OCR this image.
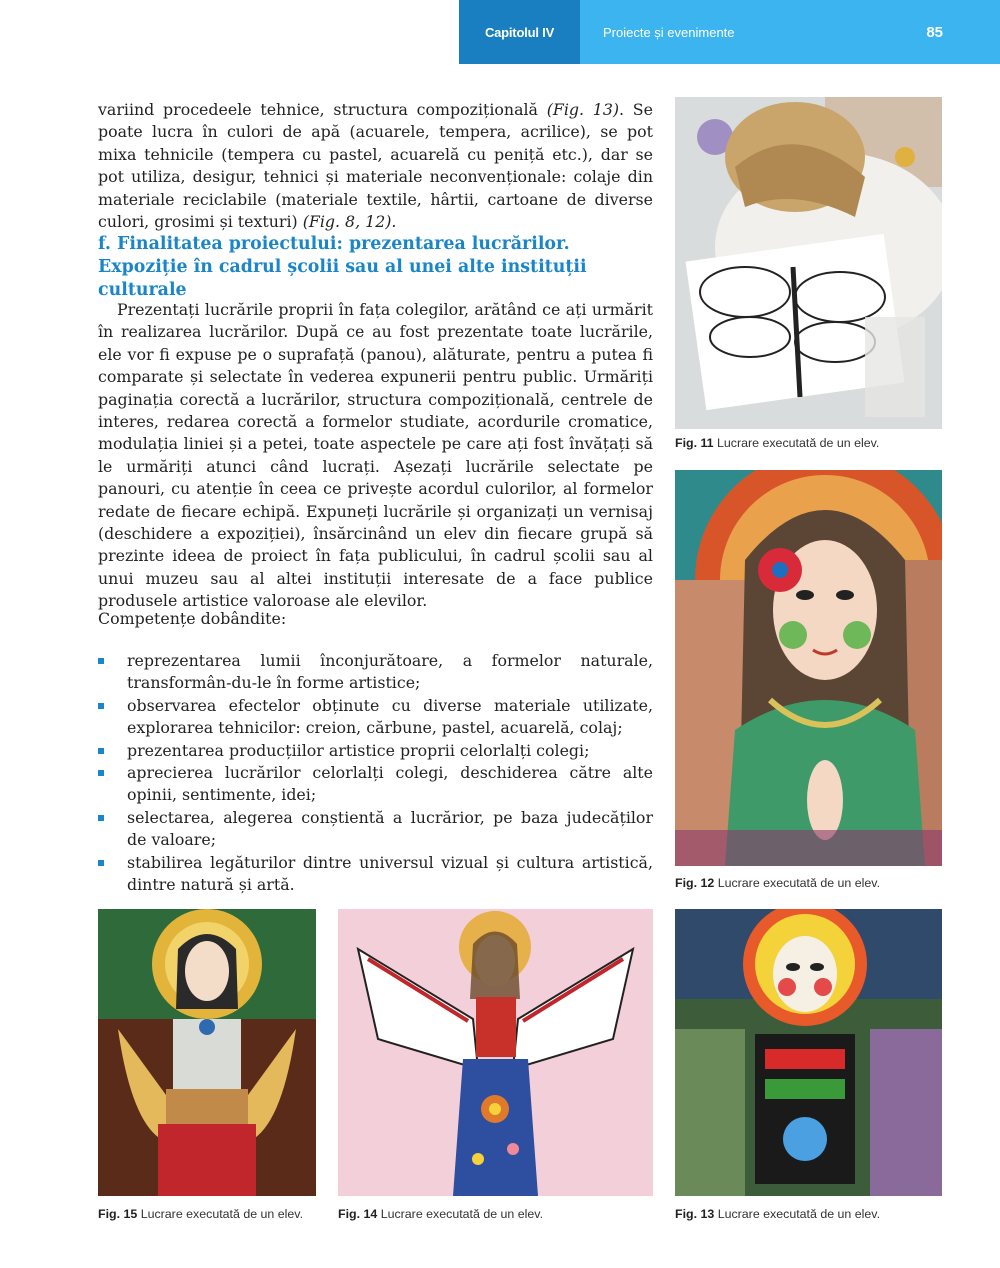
Capitolul IV	Proiecte și evenimente	85
variind procedeele tehnice, structura compozițională (Fig. 13). Se poate lucra în culori de apă (acuarele, tempera, acrilice), se pot mixa tehnicile (tempera cu pastel, acuarelă cu peniță etc.), dar se pot utiliza, desigur, tehnici și materiale neconvenționale: colaje din materiale reciclabile (materiale textile, hârtii, cartoane de diverse culori, grosimi și texturi) (Fig. 8, 12).
f. Finalitatea proiectului: prezentarea lucrărilor. Expoziție în cadrul școlii sau al unei alte instituții culturale
Prezentați lucrările proprii în fața colegilor, arătând ce ați urmărit în realizarea lucrărilor. După ce au fost prezentate toate lucrările, ele vor fi expuse pe o suprafață (panou), alăturate, pentru a putea fi comparate și selectate în vederea expunerii pentru public. Urmăriți paginația corectă a lucrărilor, structura compozițională, centrele de interes, redarea corectă a formelor studiate, acordurile cromatice, modulația liniei și a petei, toate aspectele pe care ați fost învățați să le urmăriți atunci când lucrați. Așezați lucrările selectate pe panouri, cu atenție în ceea ce privește acordul culorilor, al formelor redate de fiecare echipă. Expuneți lucrările și organizați un vernisaj (deschidere a expoziției), însărcinând un elev din fiecare grupă să prezinte ideea de proiect în fața publicului, în cadrul școlii sau al unui muzeu sau al altei instituții interesate de a face publice produsele artistice valoroase ale elevilor.
Competențe dobândite:
reprezentarea lumii înconjurătoare, a formelor naturale, transformân-du-le în forme artistice;
observarea efectelor obținute cu diverse materiale utilizate, explorarea tehnicilor: creion, cărbune, pastel, acuarelă, colaj;
prezentarea producțiilor artistice proprii celorlalți colegi;
aprecierea lucrărilor celorlalți colegi, deschiderea către alte opinii, sentimente, idei;
selectarea, alegerea conștientă a lucrărior, pe baza judecăților de valoare;
stabilirea legăturilor dintre universul vizual și cultura artistică, dintre natură și artă.
Fig. 11 Lucrare executată de un elev.
Fig. 12 Lucrare executată de un elev.
Fig. 15 Lucrare executată de un elev.	Fig. 14 Lucrare executată de un elev.	Fig. 13 Lucrare executată de un elev.
